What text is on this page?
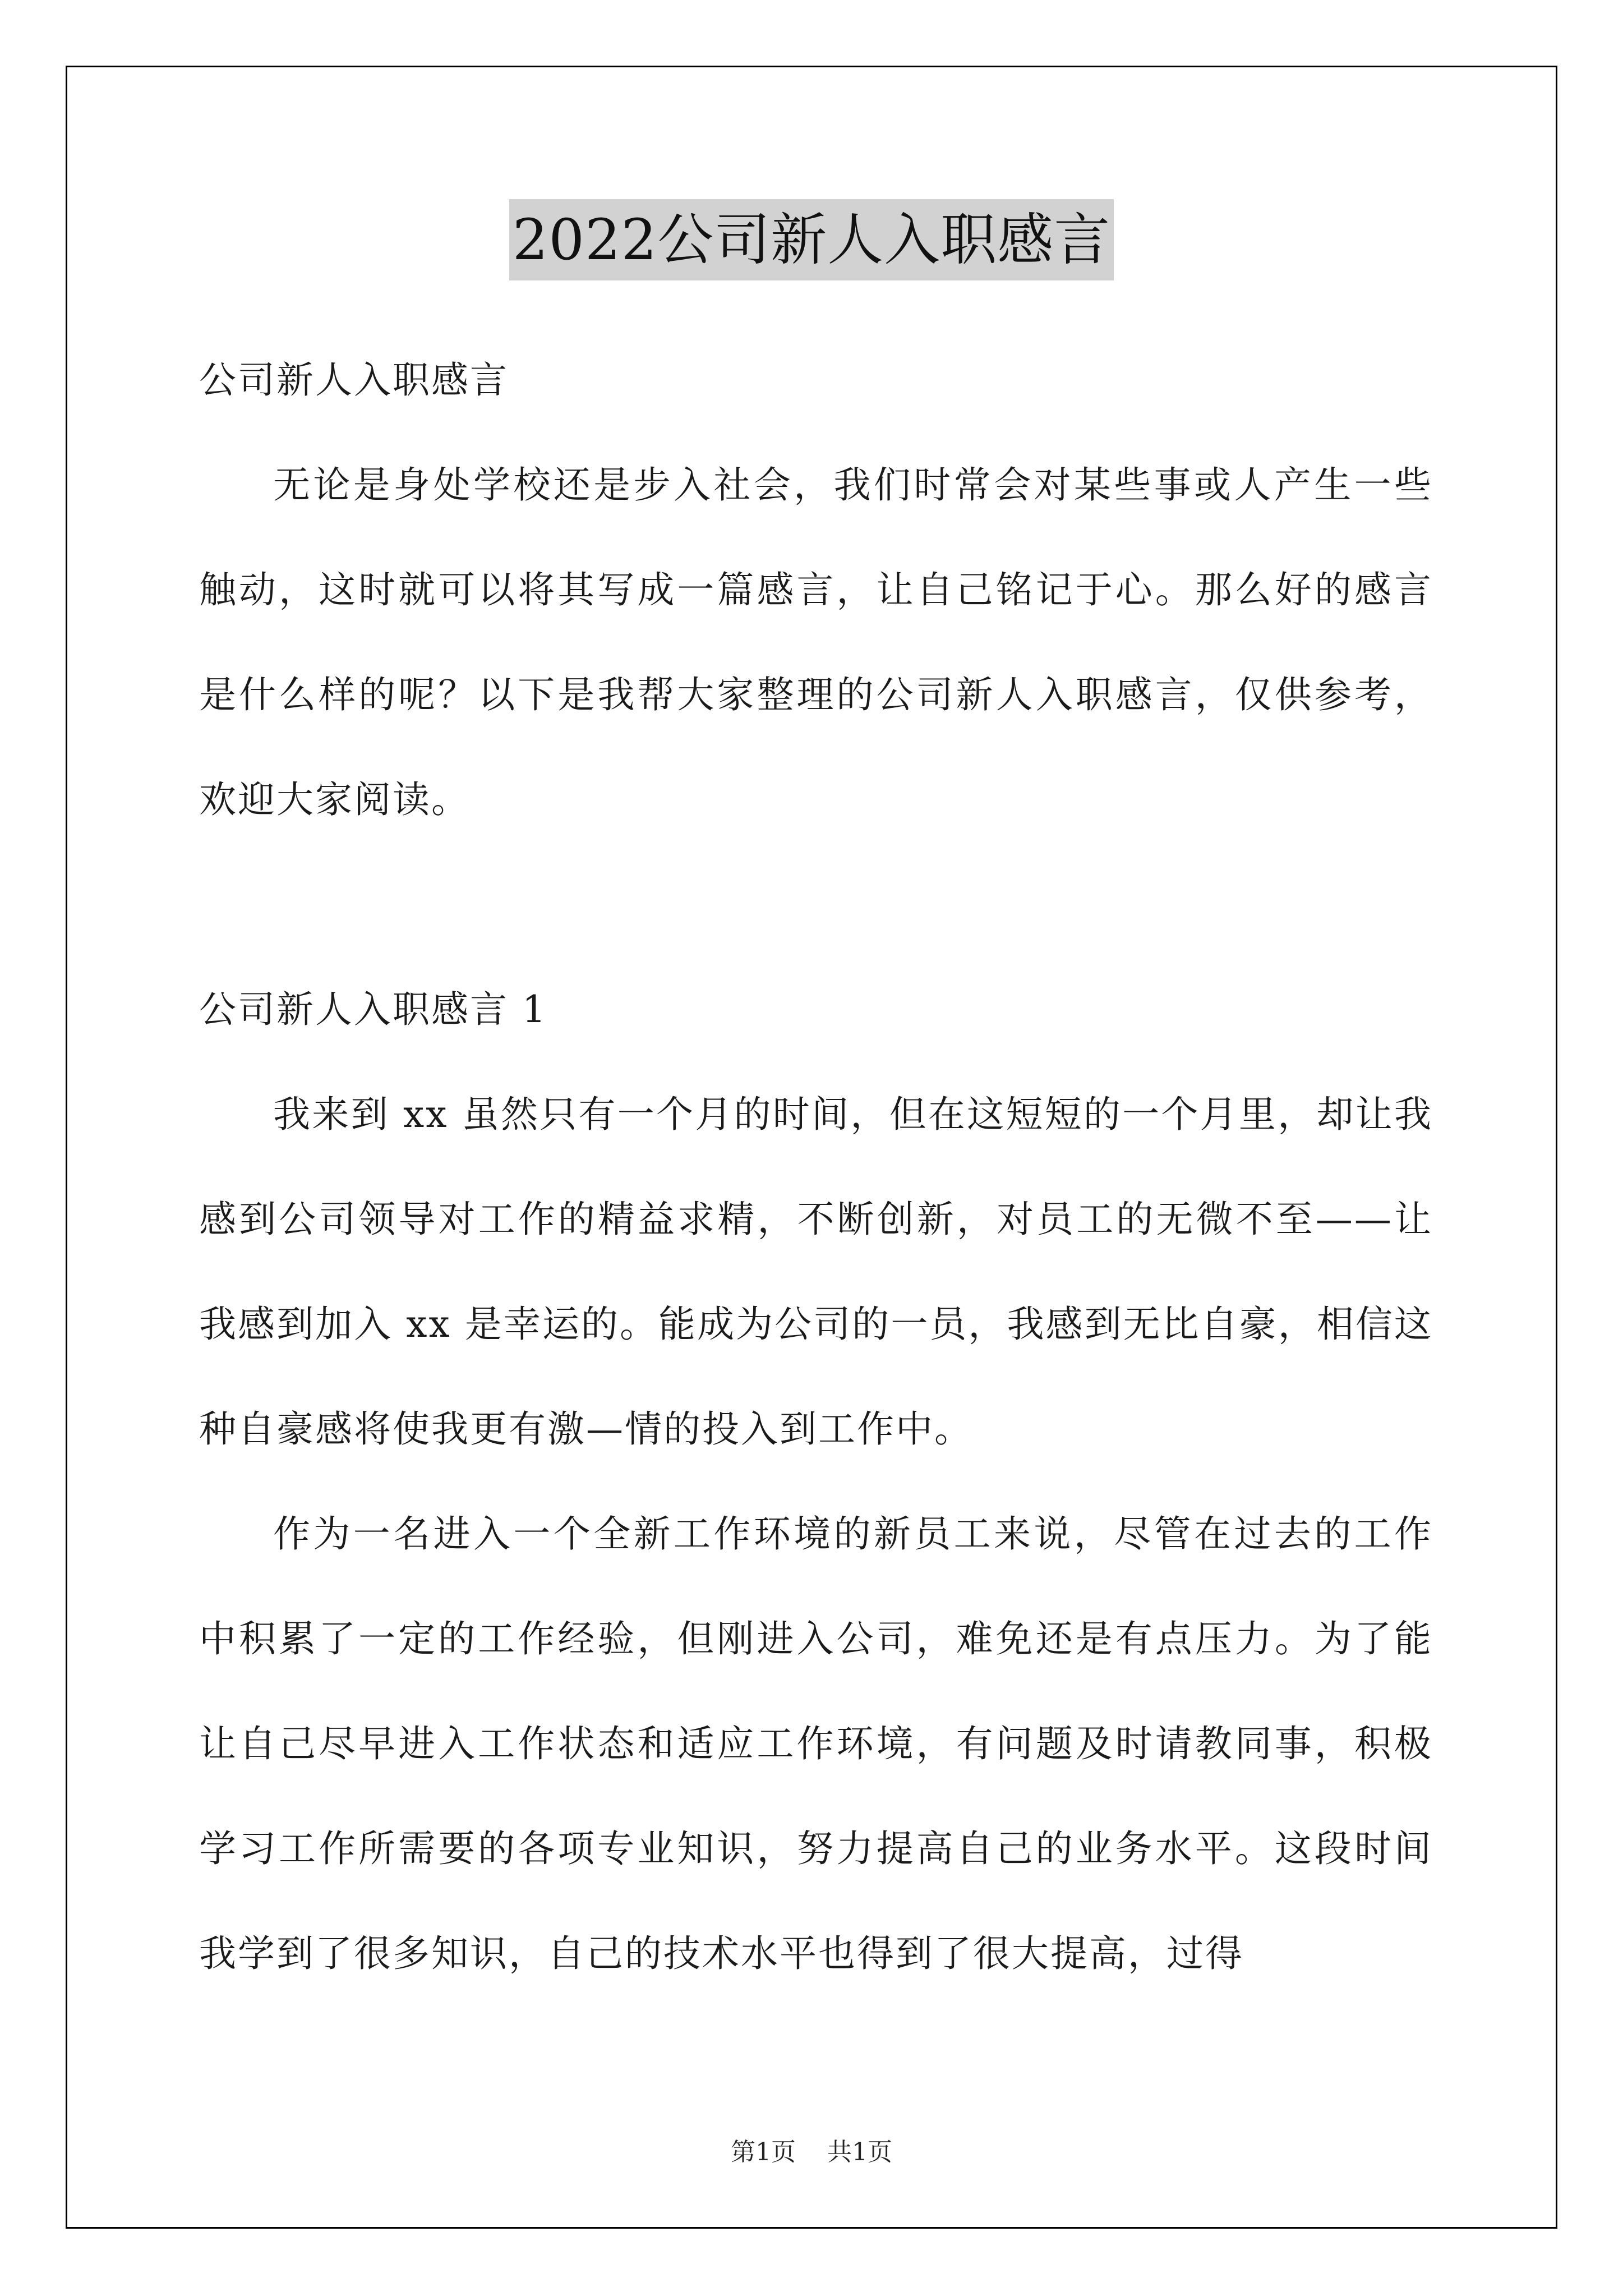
2022公司新人入职感言

公司新人入职感言

无论是身处学校还是步入社会，我们时常会对某些事或人产生一些触动，这时就可以将其写成一篇感言，让自己铭记于心。那么好的感言是什么样的呢？以下是我帮大家整理的公司新人入职感言，仅供参考，欢迎大家阅读。

公司新人入职感言 1

我来到 xx 虽然只有一个月的时间，但在这短短的一个月里，却让我感到公司领导对工作的精益求精，不断创新，对员工的无微不至——让我感到加入 xx 是幸运的。能成为公司的一员，我感到无比自豪，相信这种自豪感将使我更有激—情的投入到工作中。

作为一名进入一个全新工作环境的新员工来说，尽管在过去的工作中积累了一定的工作经验，但刚进入公司，难免还是有点压力。为了能让自己尽早进入工作状态和适应工作环境，有问题及时请教同事，积极学习工作所需要的各项专业知识，努力提高自己的业务水平。这段时间我学到了很多知识，自己的技术水平也得到了很大提高，过得

第1页    共1页
